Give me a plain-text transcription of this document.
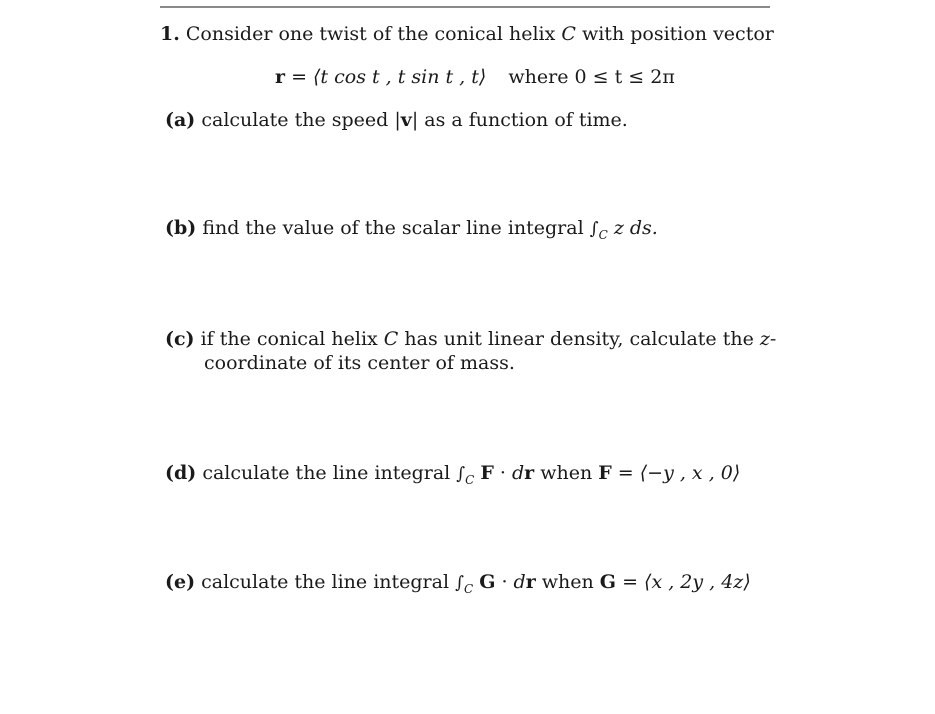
1. Consider one twist of the conical helix C with position vector
r = ⟨t cos t , t sin t , t⟩ where 0 ≤ t ≤ 2π
(a) calculate the speed |v| as a function of time.
(b) find the value of the scalar line integral $\int_C$ z ds.
(c) if the conical helix C has unit linear density, calculate the z-
coordinate of its center of mass.
(d) calculate the line integral $\int_C$ F · dr when F = ⟨−y , x , 0⟩
(e) calculate the line integral $\int_C$ G · dr when G = ⟨x , 2y , 4z⟩
